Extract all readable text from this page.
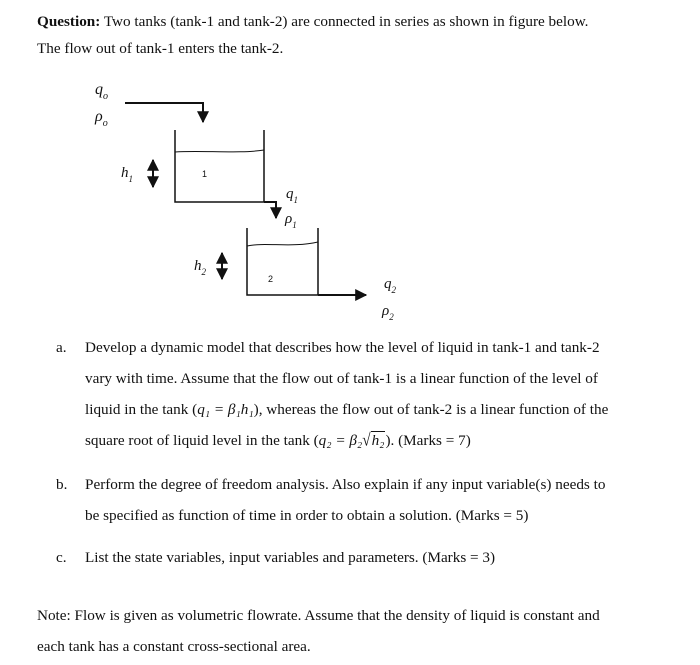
Question: Two tanks (tank-1 and tank-2) are connected in series as shown in figure below.
The flow out of tank-1 enters the tank-2.
$q_o$
$\rho_o$
1
$h_1$
$q_1$
$\rho_1$
2
$h_2$
$q_2$
$\rho_2$
a. Develop a dynamic model that describes how the level of liquid in tank-1 and tank-2
vary with time. Assume that the flow out of tank-1 is a linear function of the level of
liquid in the tank (q₁ = β₁h₁), whereas the flow out of tank-2 is a linear function of the
square root of liquid level in the tank (q₂ = β₂√h₂). (Marks = 7)
b. Perform the degree of freedom analysis. Also explain if any input variable(s) needs to
be specified as function of time in order to obtain a solution. (Marks = 5)
c. List the state variables, input variables and parameters. (Marks = 3)
Note: Flow is given as volumetric flowrate. Assume that the density of liquid is constant and
each tank has a constant cross-sectional area.
